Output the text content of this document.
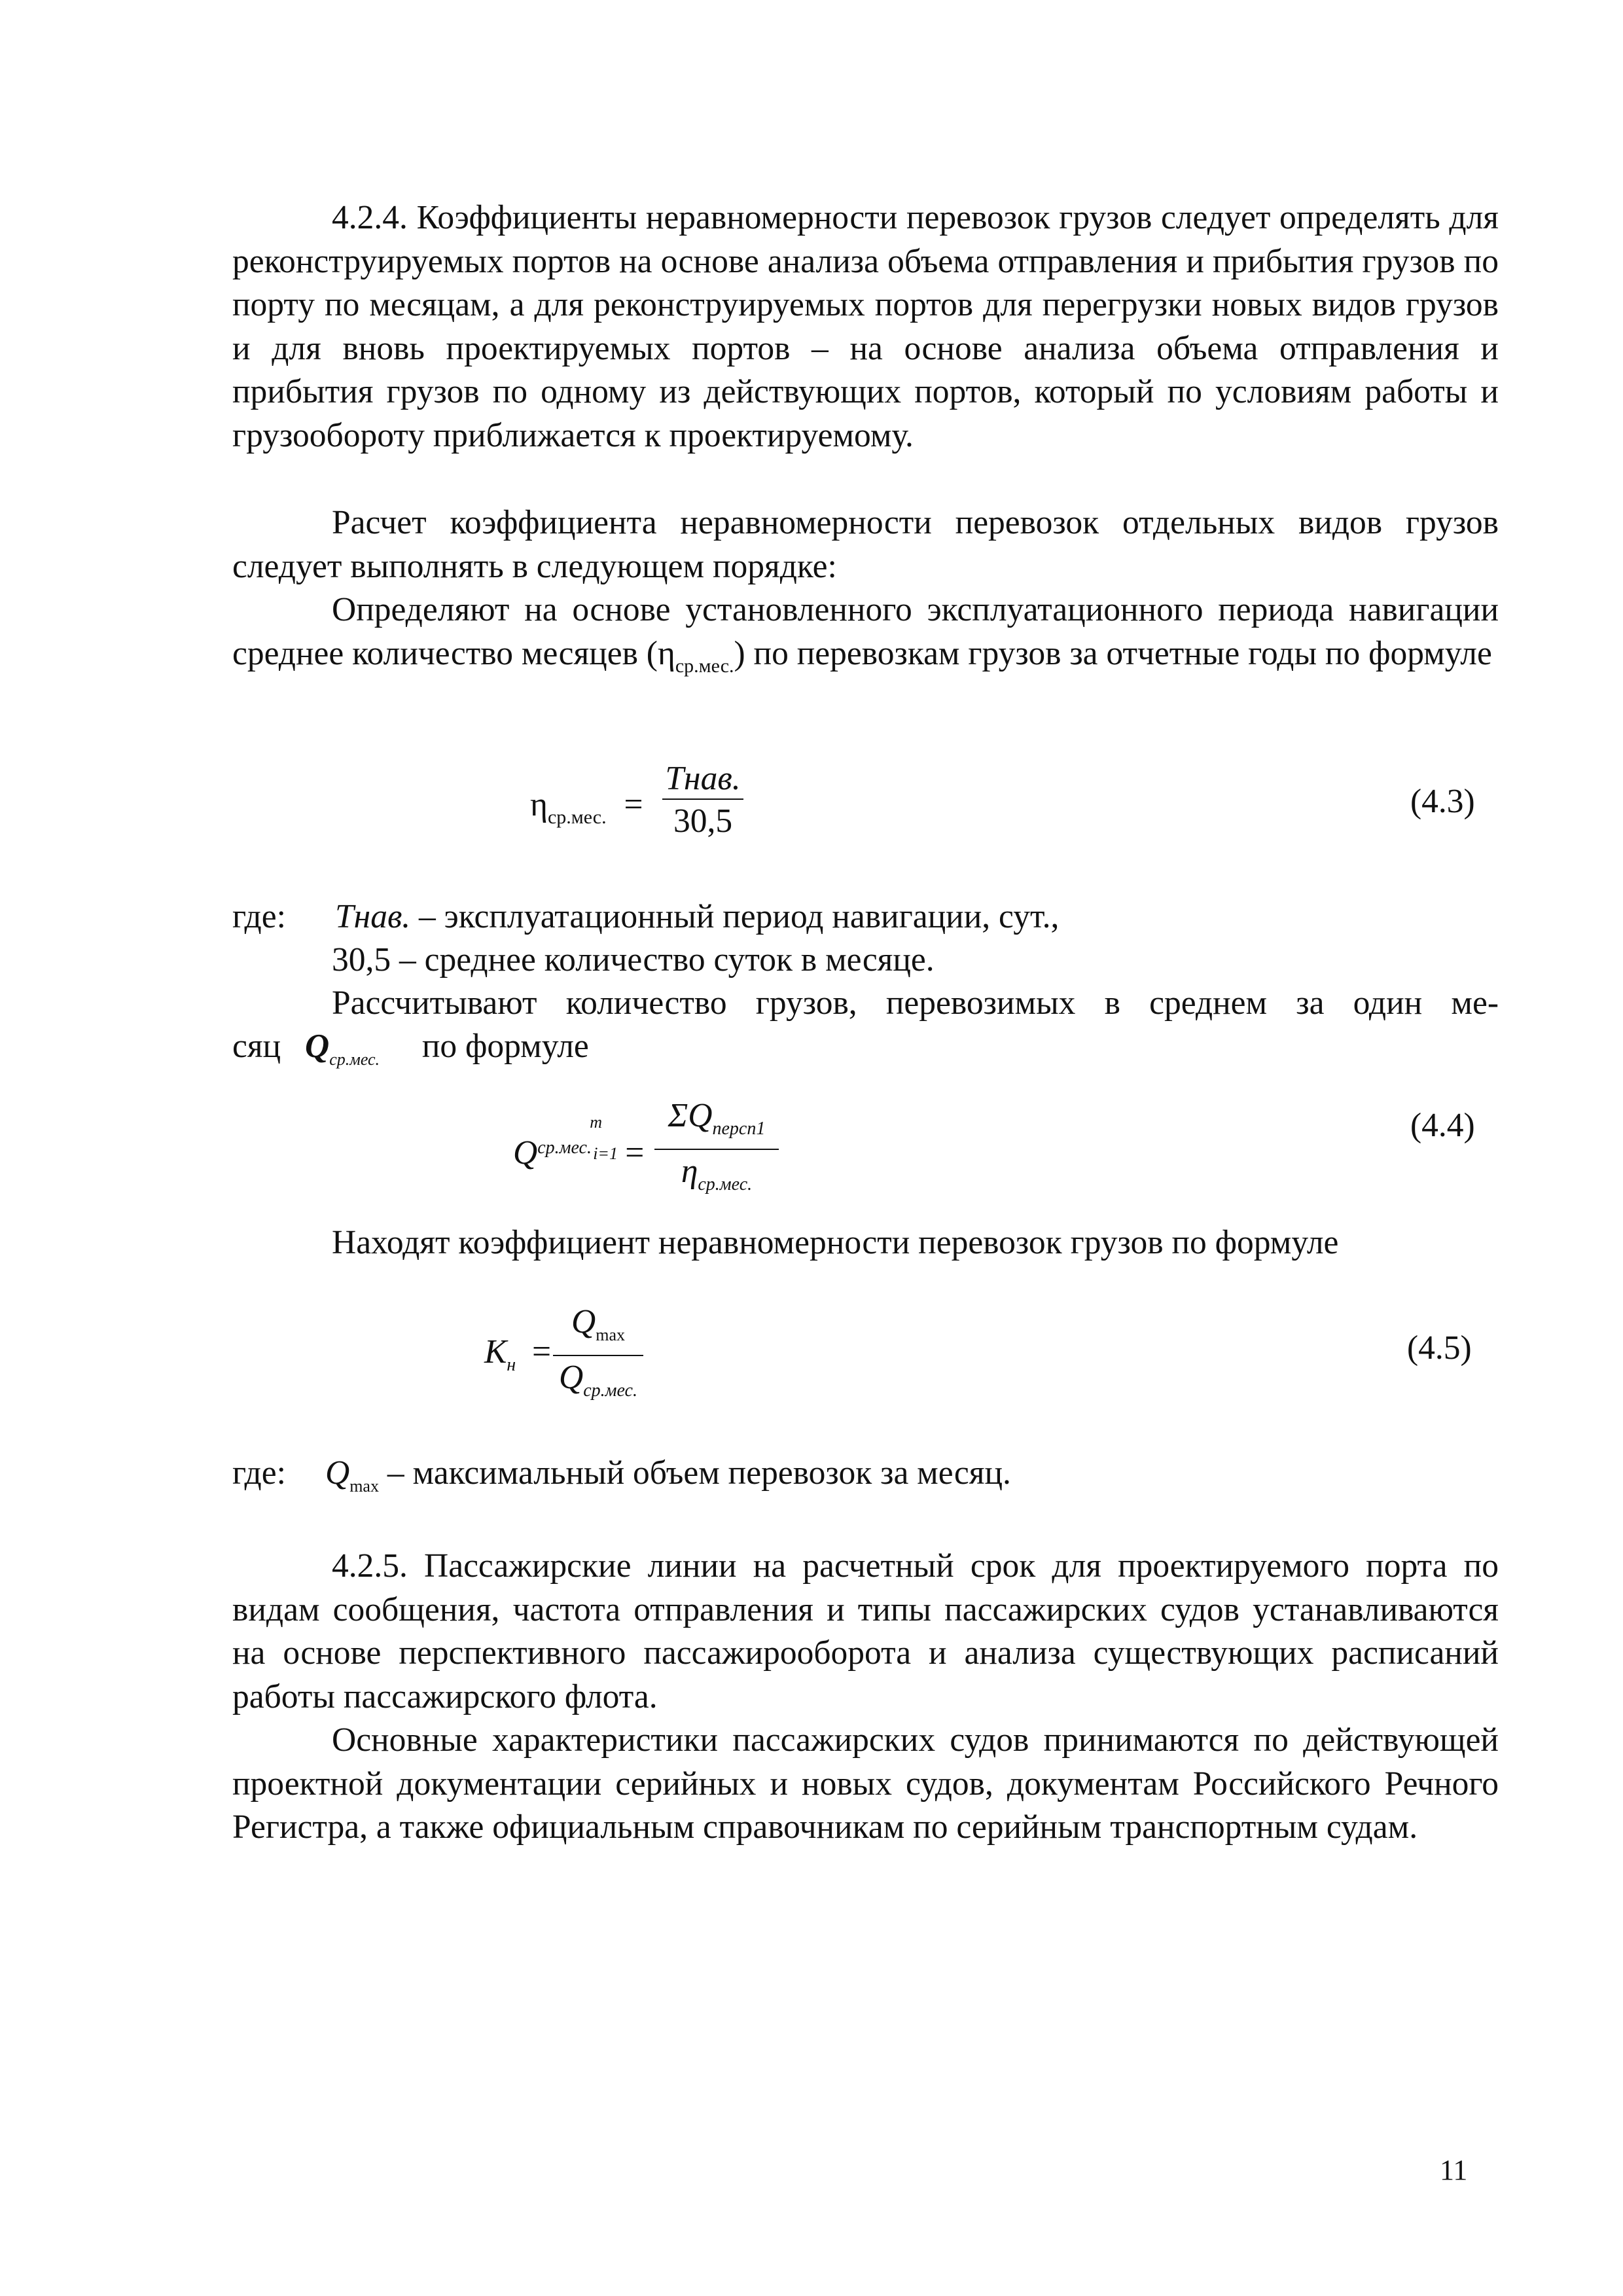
4.2.4. Коэффициенты неравномерности перевозок грузов следует определять для реконструируемых портов на основе анализа объема отправления и прибытия грузов по порту по месяцам, а для реконструируемых портов для перегрузки новых видов грузов и для вновь проектируемых портов – на основе анализа объема отправления и прибытия грузов по одному из действующих портов, который по условиям работы и грузообороту приближается к проектируемому.

Расчет коэффициента неравномерности перевозок отдельных видов грузов следует выполнять в следующем порядке:

Определяют на основе установленного эксплуатационного периода навигации среднее количество месяцев $(\eta_{ср.мес.})$ по перевозкам грузов за отчетные годы по формуле

$\eta_{ср.мес.}$ =
Тнав.
30,5
(4.3)
где: Тнав. – эксплуатационный период навигации, сут.,
30,5 – среднее количество суток в месяце.
Рассчитывают количество грузов, перевозимых в среднем за один ме-
сяц $Q_{ср.мес.}$ по формуле
Q ср.мес.
m
i=1 =
$\Sigma Q_{персп1}$
$\eta_{ср.мес.}$
(4.4)
Находят коэффициент неравномерности перевозок грузов по формуле
$К_н$ =
$Q_{max}$
$Q_{ср.мес.}$
(4.5)
где: $Q_{max}$ – максимальный объем перевозок за месяц.

4.2.5. Пассажирские линии на расчетный срок для проектируемого порта по видам сообщения, частота отправления и типы пассажирских судов устанавливаются на основе перспективного пассажирооборота и анализа существующих расписаний работы пассажирского флота.

Основные характеристики пассажирских судов принимаются по действующей проектной документации серийных и новых судов, документам Российского Речного Регистра, а также официальным справочникам по серийным транспортным судам.

11
